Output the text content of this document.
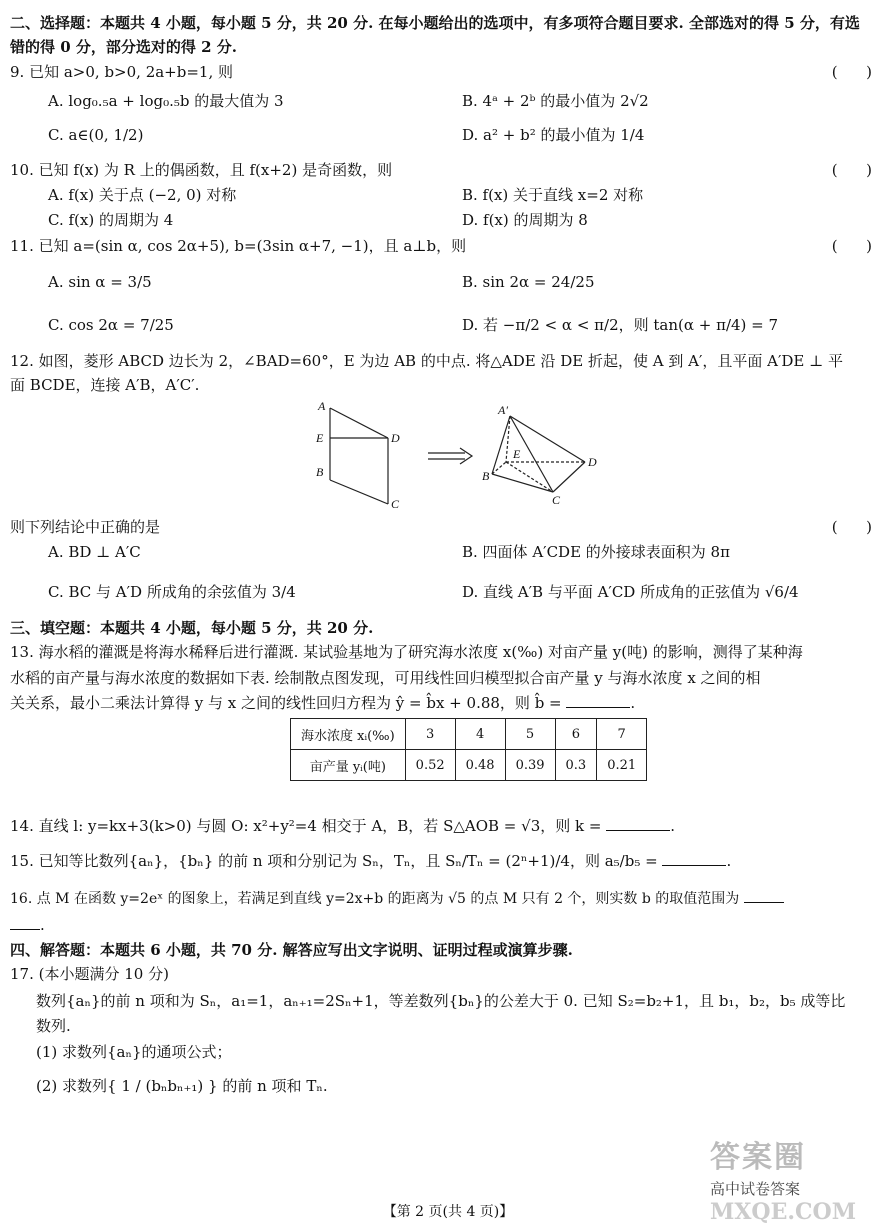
二、选择题：本题共 4 小题，每小题 5 分，共 20 分. 在每小题给出的选项中，有多项符合题目要求. 全部选对的得 5 分，有选
错的得 0 分，部分选对的得 2 分.
9. 已知 a>0, b>0, 2a+b=1, 则	(      )
A. log₀.₅a + log₀.₅b 的最大值为 3	B. 4ᵃ + 2ᵇ 的最小值为 2√2
C. a∈(0, 1/2)	D. a² + b² 的最小值为 1/4
10. 已知 f(x) 为 R 上的偶函数，且 f(x+2) 是奇函数，则	(      )
A. f(x) 关于点 (−2, 0) 对称	B. f(x) 关于直线 x=2 对称
C. f(x) 的周期为 4	D. f(x) 的周期为 8
11. 已知 a=(sin α, cos 2α+5), b=(3sin α+7, −1)，且 a⊥b，则	(      )
A. sin α = 3/5	B. sin 2α = 24/25
C. cos 2α = 7/25	D. 若 −π/2 < α < π/2，则 tan(α + π/4) = 7
12. 如图，菱形 ABCD 边长为 2，∠BAD=60°，E 为边 AB 的中点. 将△ADE 沿 DE 折起，使 A 到 A′，且平面 A′DE ⊥ 平
面 BCDE，连接 A′B，A′C′.
A
E
B
D
C
A′
E
B
D
C
则下列结论中正确的是	(      )
A. BD ⊥ A′C	B. 四面体 A′CDE 的外接球表面积为 8π
C. BC 与 A′D 所成角的余弦值为 3/4	D. 直线 A′B 与平面 A′CD 所成角的正弦值为 √6/4
三、填空题：本题共 4 小题，每小题 5 分，共 20 分.
13. 海水稻的灌溉是将海水稀释后进行灌溉. 某试验基地为了研究海水浓度 x(‰) 对亩产量 y(吨) 的影响，测得了某种海
水稻的亩产量与海水浓度的数据如下表. 绘制散点图发现，可用线性回归模型拟合亩产量 y 与海水浓度 x 之间的相
关关系，最小二乘法计算得 y 与 x 之间的线性回归方程为 ŷ = b̂x + 0.88，则 b̂ =	.
海水浓度 xᵢ(‰)	3	4	5	6	7
亩产量 yᵢ(吨)	0.52	0.48	0.39	0.3	0.21
14. 直线 l: y=kx+3(k>0) 与圆 O: x²+y²=4 相交于 A，B，若 S△AOB = √3，则 k =	.
15. 已知等比数列{aₙ}，{bₙ} 的前 n 项和分别记为 Sₙ，Tₙ，且 Sₙ/Tₙ = (2ⁿ+1)/4，则 a₅/b₅ =	.
16. 点 M 在函数 y=2eˣ 的图象上，若满足到直线 y=2x+b 的距离为 √5 的点 M 只有 2 个，则实数 b 的取值范围为
.
四、解答题：本题共 6 小题，共 70 分. 解答应写出文字说明、证明过程或演算步骤.
17. (本小题满分 10 分)
数列{aₙ}的前 n 项和为 Sₙ，a₁=1，aₙ₊₁=2Sₙ+1，等差数列{bₙ}的公差大于 0. 已知 S₂=b₂+1，且 b₁，b₂，b₅ 成等比
数列.
(1) 求数列{aₙ}的通项公式；
(2) 求数列{ 1 / (bₙbₙ₊₁) } 的前 n 项和 Tₙ.
答案圈
高中试卷答案
MXQE.COM
【第 2 页(共 4 页)】
